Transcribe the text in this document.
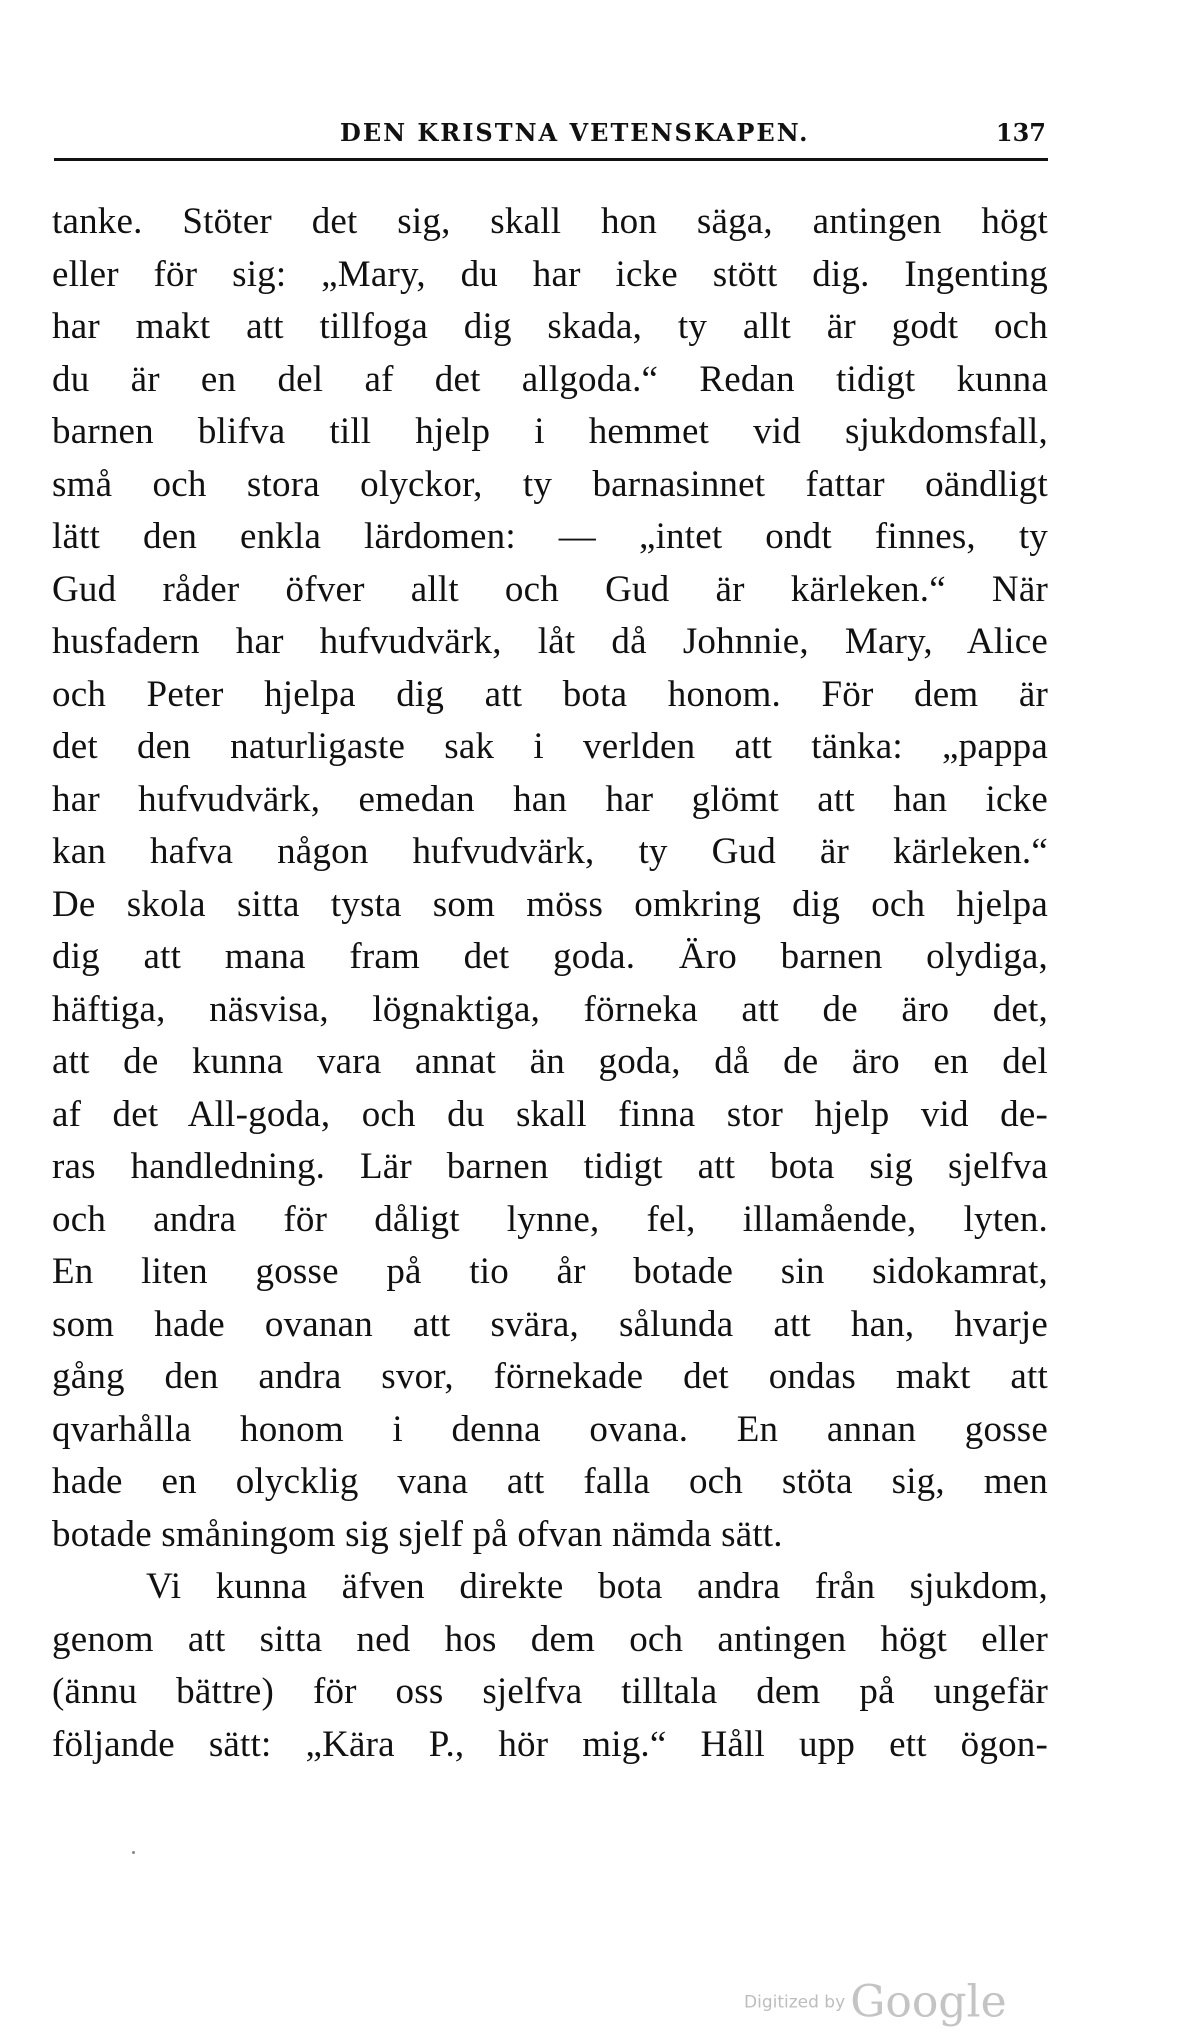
DEN KRISTNA VETENSKAPEN.	137
tanke. Stöter det sig, skall hon säga, antingen högt
eller för sig: „Mary, du har icke stött dig. Ingenting
har makt att tillfoga dig skada, ty allt är godt och
du är en del af det allgoda.“ Redan tidigt kunna
barnen blifva till hjelp i hemmet vid sjukdomsfall,
små och stora olyckor, ty barnasinnet fattar oändligt
lätt den enkla lärdomen: — „intet ondt finnes, ty
Gud råder öfver allt och Gud är kärleken.“ När
husfadern har hufvudvärk, låt då Johnnie, Mary, Alice
och Peter hjelpa dig att bota honom. För dem är
det den naturligaste sak i verlden att tänka: „pappa
har hufvudvärk, emedan han har glömt att han icke
kan hafva någon hufvudvärk, ty Gud är kärleken.“
De skola sitta tysta som möss omkring dig och hjelpa
dig att mana fram det goda. Äro barnen olydiga,
häftiga, näsvisa, lögnaktiga, förneka att de äro det,
att de kunna vara annat än goda, då de äro en del
af det All-goda, och du skall finna stor hjelp vid de-
ras handledning. Lär barnen tidigt att bota sig sjelfva
och andra för dåligt lynne, fel, illamående, lyten.
En liten gosse på tio år botade sin sidokamrat,
som hade ovanan att svära, sålunda att han, hvarje
gång den andra svor, förnekade det ondas makt att
qvarhålla honom i denna ovana. En annan gosse
hade en olycklig vana att falla och stöta sig, men
botade småningom sig sjelf på ofvan nämda sätt.
Vi kunna äfven direkte bota andra från sjukdom,
genom att sitta ned hos dem och antingen högt eller
(ännu bättre) för oss sjelfva tilltala dem på ungefär
följande sätt: „Kära P., hör mig.“ Håll upp ett ögon-
Digitized by Google
